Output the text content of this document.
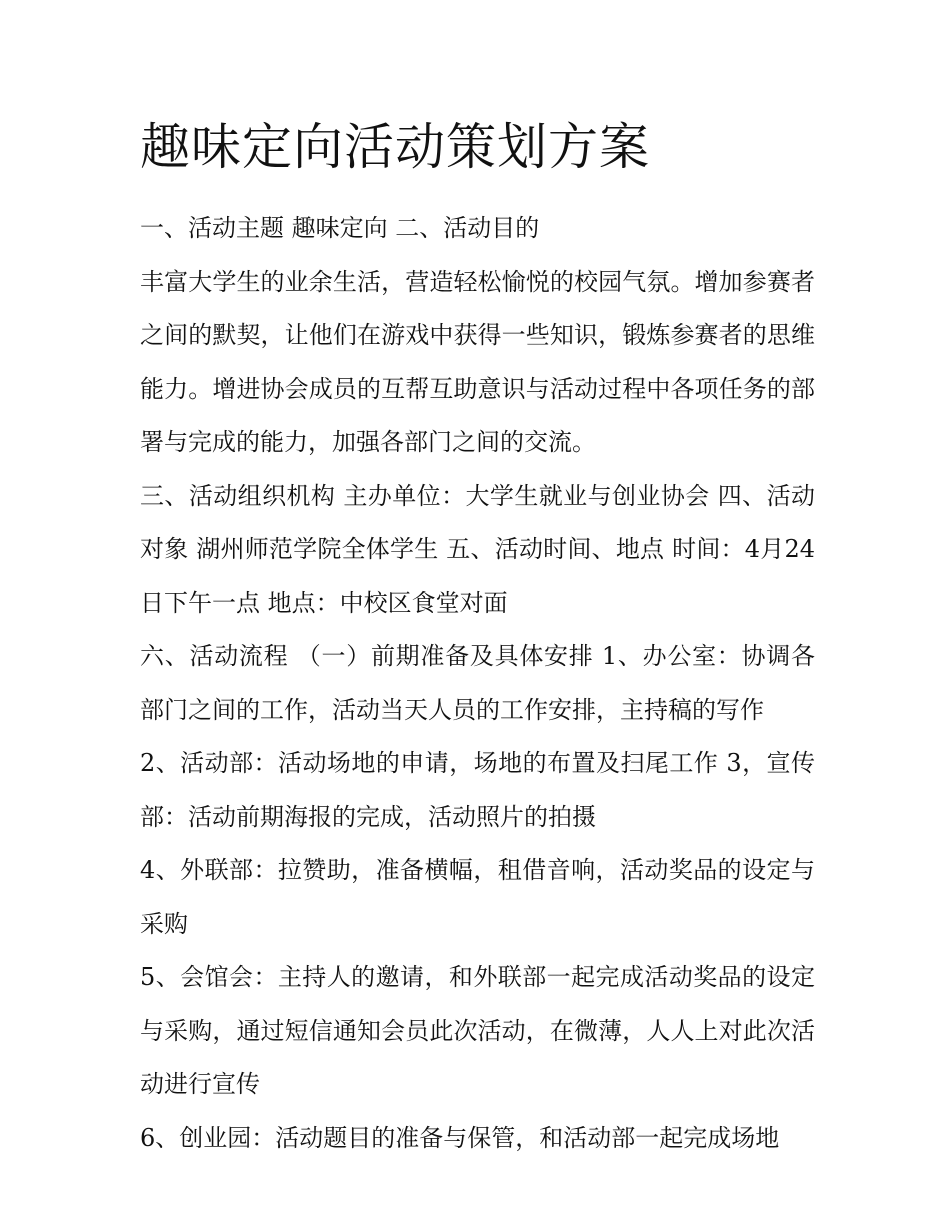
趣味定向活动策划方案

一、活动主题 趣味定向 二、活动目的

丰富大学生的业余生活，营造轻松愉悦的校园气氛。增加参赛者之间的默契，让他们在游戏中获得一些知识，锻炼参赛者的思维能力。增进协会成员的互帮互助意识与活动过程中各项任务的部署与完成的能力，加强各部门之间的交流。

三、活动组织机构 主办单位：大学生就业与创业协会 四、活动对象 湖州师范学院全体学生 五、活动时间、地点 时间：4月24日下午一点 地点：中校区食堂对面

六、活动流程 （一）前期准备及具体安排 1、办公室：协调各部门之间的工作，活动当天人员的工作安排，主持稿的写作

2、活动部：活动场地的申请，场地的布置及扫尾工作 3，宣传部：活动前期海报的完成，活动照片的拍摄

4、外联部：拉赞助，准备横幅，租借音响，活动奖品的设定与采购

5、会馆会：主持人的邀请，和外联部一起完成活动奖品的设定与采购，通过短信通知会员此次活动，在微薄，人人上对此次活动进行宣传

6、创业园：活动题目的准备与保管，和活动部一起完成场地
